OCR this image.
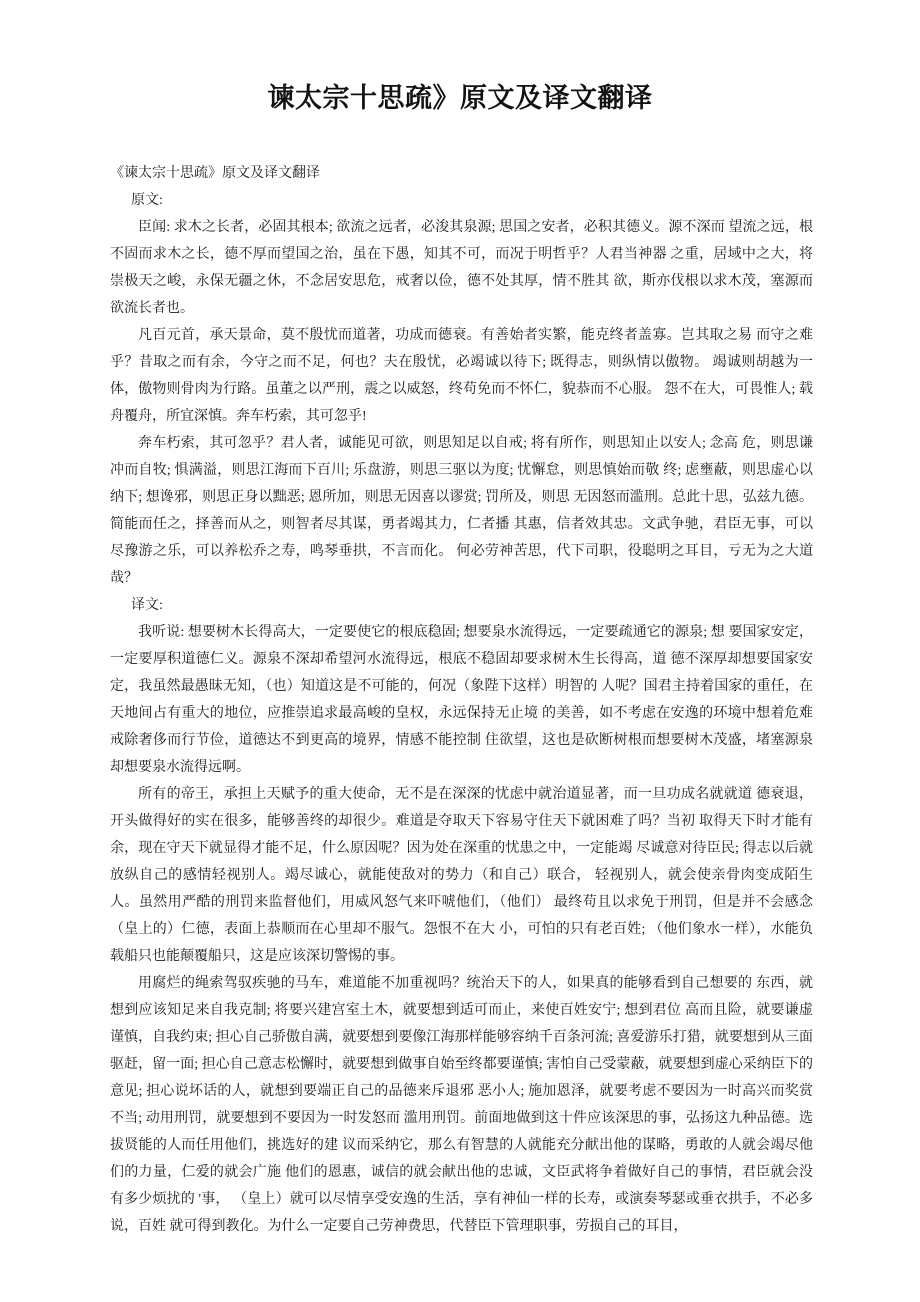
谏太宗十思疏》原文及译文翻译

《谏太宗十思疏》原文及译文翻译

原文:

臣闻: 求木之长者，必固其根本; 欲流之远者，必浚其泉源; 思国之安者，必积其德义。源不深而 望流之远，根不固而求木之长，德不厚而望国之治，虽在下愚，知其不可，而况于明哲乎？人君当神器 之重，居域中之大，将崇极天之峻，永保无疆之休，不念居安思危，戒奢以俭，德不处其厚，情不胜其 欲，斯亦伐根以求木茂，塞源而欲流长者也。

凡百元首，承天景命，莫不殷忧而道著，功成而德衰。有善始者实繁，能克终者盖寡。岂其取之易 而守之难乎？昔取之而有余，今守之而不足，何也？夫在殷忧，必竭诚以待下; 既得志，则纵情以傲物。 竭诚则胡越为一体，傲物则骨肉为行路。虽董之以严刑，震之以威怒，终苟免而不怀仁，貌恭而不心服。 怨不在大，可畏惟人; 载舟覆舟，所宜深慎。奔车朽索，其可忽乎!

奔车朽索，其可忽乎？君人者，诚能见可欲，则思知足以自戒; 将有所作，则思知止以安人; 念高 危，则思谦冲而自牧; 惧满溢，则思江海而下百川; 乐盘游，则思三驱以为度; 忧懈怠，则思慎始而敬 终; 虑壅蔽，则思虚心以纳下; 想谗邪，则思正身以黜恶; 恩所加，则思无因喜以谬赏; 罚所及，则思 无因怒而滥刑。总此十思，弘兹九德。简能而任之，择善而从之，则智者尽其谋，勇者竭其力，仁者播 其惠，信者效其忠。文武争驰，君臣无事，可以尽豫游之乐，可以养松乔之寿，鸣琴垂拱，不言而化。 何必劳神苦思，代下司职，役聪明之耳目，亏无为之大道哉？

译文:

我听说: 想要树木长得高大，一定要使它的根底稳固; 想要泉水流得远，一定要疏通它的源泉; 想 要国家安定，一定要厚积道德仁义。源泉不深却希望河水流得远，根底不稳固却要求树木生长得高，道 德不深厚却想要国家安定，我虽然最愚昧无知，（也）知道这是不可能的，何况（象陛下这样）明智的 人呢？国君主持着国家的重任，在天地间占有重大的地位，应推崇追求最高峻的皇权，永远保持无止境 的美善，如不考虑在安逸的环境中想着危难戒除奢侈而行节俭，道德达不到更高的境界，情感不能控制 住欲望，这也是砍断树根而想要树木茂盛，堵塞源泉却想要泉水流得远啊。

所有的帝王，承担上天赋予的重大使命，无不是在深深的忧虑中就治道显著，而一旦功成名就就道 德衰退，开头做得好的实在很多，能够善终的却很少。难道是夺取天下容易守住天下就困难了吗？当初 取得天下时才能有余，现在守天下就显得才能不足，什么原因呢？因为处在深重的忧患之中，一定能竭 尽诚意对待臣民; 得志以后就放纵自己的感情轻视别人。竭尽诚心，就能使敌对的势力（和自己）联合， 轻视别人，就会使亲骨肉变成陌生人。虽然用严酷的刑罚来监督他们，用威风怒气来吓唬他们，（他们） 最终苟且以求免于刑罚，但是并不会感念（皇上的）仁德，表面上恭顺而在心里却不服气。怨恨不在大 小，可怕的只有老百姓; （他们象水一样），水能负载船只也能颠覆船只，这是应该深切警惕的事。

用腐烂的绳索驾驭疾驰的马车，难道能不加重视吗？统治天下的人，如果真的能够看到自己想要的 东西，就想到应该知足来自我克制; 将要兴建宫室土木，就要想到适可而止，来使百姓安宁; 想到君位 高而且险，就要谦虚谨慎，自我约束; 担心自己骄傲自满，就要想到要像江海那样能够容纳千百条河流; 喜爱游乐打猎，就要想到从三面驱赶，留一面; 担心自己意志松懈时，就要想到做事自始至终都要谨慎; 害怕自己受蒙蔽，就要想到虚心采纳臣下的意见; 担心说坏话的人，就想到要端正自己的品德来斥退邪 恶小人; 施加恩泽，就要考虑不要因为一时高兴而奖赏不当; 动用刑罚，就要想到不要因为一时发怒而 滥用刑罚。前面地做到这十件应该深思的事，弘扬这九种品德。选拔贤能的人而任用他们，挑选好的建 议而采纳它，那么有智慧的人就能充分献出他的谋略，勇敢的人就会竭尽他们的力量，仁爱的就会广施 他们的恩惠，诚信的就会献出他的忠诚，文臣武将争着做好自己的事情，君臣就会没有多少烦扰的 '事， （皇上）就可以尽情享受安逸的生活，享有神仙一样的长寿，或演奏琴瑟或垂衣拱手，不必多说，百姓 就可得到教化。为什么一定要自己劳神费思，代替臣下管理职事，劳损自己的耳目，
